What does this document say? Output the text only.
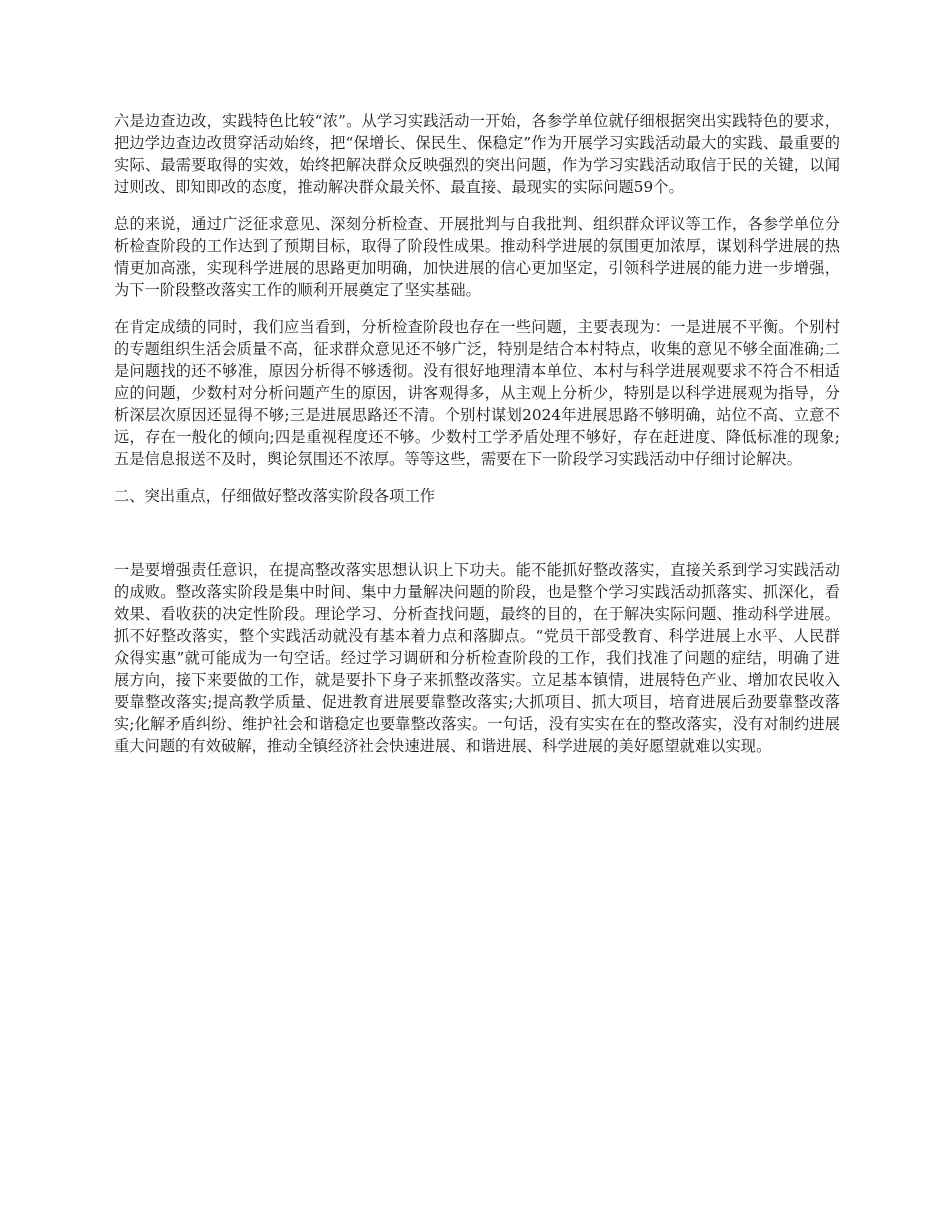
六是边查边改，实践特色比较“浓”。从学习实践活动一开始，各参学单位就仔细根据突出实践特色的要求，把边学边查边改贯穿活动始终，把“保增长、保民生、保稳定”作为开展学习实践活动最大的实践、最重要的实际、最需要取得的实效，始终把解决群众反映强烈的突出问题，作为学习实践活动取信于民的关键，以闻过则改、即知即改的态度，推动解决群众最关怀、最直接、最现实的实际问题59个。

总的来说，通过广泛征求意见、深刻分析检查、开展批判与自我批判、组织群众评议等工作，各参学单位分析检查阶段的工作达到了预期目标，取得了阶段性成果。推动科学进展的氛围更加浓厚，谋划科学进展的热情更加高涨，实现科学进展的思路更加明确，加快进展的信心更加坚定，引领科学进展的能力进一步增强，为下一阶段整改落实工作的顺利开展奠定了坚实基础。

在肯定成绩的同时，我们应当看到，分析检查阶段也存在一些问题，主要表现为：一是进展不平衡。个别村的专题组织生活会质量不高，征求群众意见还不够广泛，特别是结合本村特点，收集的意见不够全面准确;二是问题找的还不够准，原因分析得不够透彻。没有很好地理清本单位、本村与科学进展观要求不符合不相适应的问题，少数村对分析问题产生的原因，讲客观得多，从主观上分析少，特别是以科学进展观为指导，分析深层次原因还显得不够;三是进展思路还不清。个别村谋划2024年进展思路不够明确，站位不高、立意不远，存在一般化的倾向;四是重视程度还不够。少数村工学矛盾处理不够好，存在赶进度、降低标准的现象;五是信息报送不及时，舆论氛围还不浓厚。等等这些，需要在下一阶段学习实践活动中仔细讨论解决。

二、突出重点，仔细做好整改落实阶段各项工作

一是要增强责任意识，在提高整改落实思想认识上下功夫。能不能抓好整改落实，直接关系到学习实践活动的成败。整改落实阶段是集中时间、集中力量解决问题的阶段，也是整个学习实践活动抓落实、抓深化，看效果、看收获的决定性阶段。理论学习、分析查找问题，最终的目的，在于解决实际问题、推动科学进展。抓不好整改落实，整个实践活动就没有基本着力点和落脚点。“党员干部受教育、科学进展上水平、人民群众得实惠”就可能成为一句空话。经过学习调研和分析检查阶段的工作，我们找准了问题的症结，明确了进展方向，接下来要做的工作，就是要扑下身子来抓整改落实。立足基本镇情，进展特色产业、增加农民收入要靠整改落实;提高教学质量、促进教育进展要靠整改落实;大抓项目、抓大项目，培育进展后劲要靠整改落实;化解矛盾纠纷、维护社会和谐稳定也要靠整改落实。一句话，没有实实在在的整改落实，没有对制约进展重大问题的有效破解，推动全镇经济社会快速进展、和谐进展、科学进展的美好愿望就难以实现。
